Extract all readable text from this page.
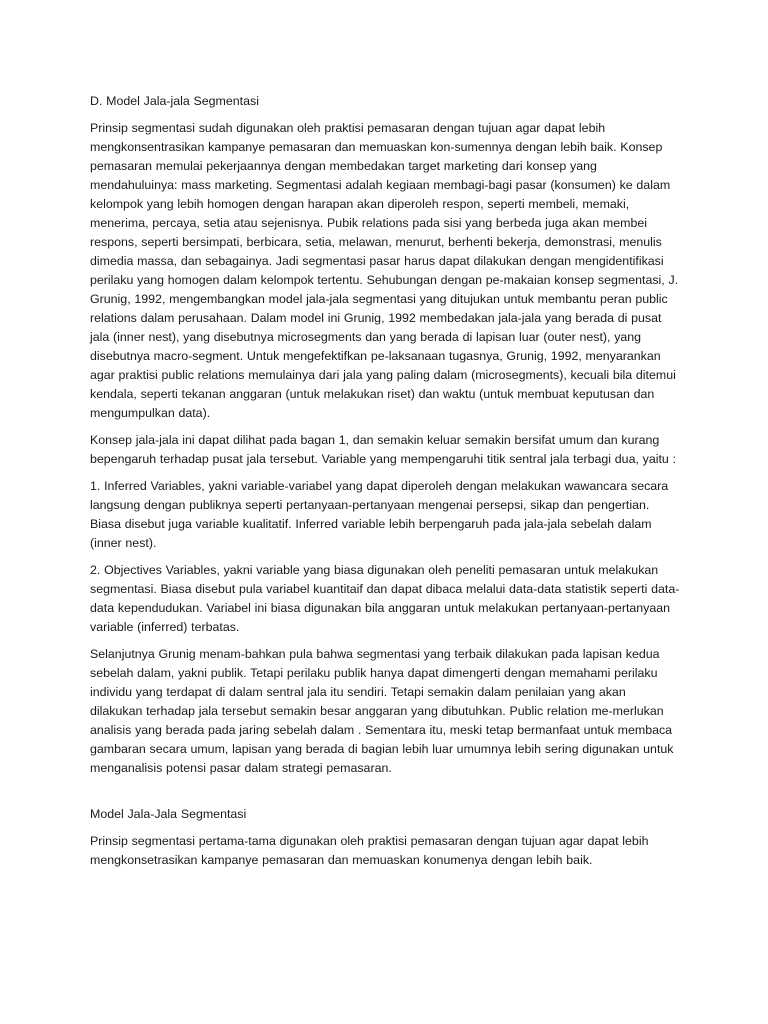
D. Model Jala-jala Segmentasi

Prinsip segmentasi sudah digunakan oleh praktisi pemasaran dengan tujuan agar dapat lebih mengkonsentrasikan kampanye pemasaran dan memuaskan kon-sumennya dengan lebih baik. Konsep pemasaran memulai pekerjaannya dengan membedakan target marketing dari konsep yang mendahuluinya: mass marketing. Segmentasi adalah kegiaan membagi-bagi pasar (konsumen) ke dalam kelompok yang lebih homogen dengan harapan akan diperoleh respon, seperti membeli, memaki, menerima, percaya, setia atau sejenisnya. Pubik relations pada sisi yang berbeda juga akan membei respons, seperti bersimpati, berbicara, setia, melawan, menurut, berhenti bekerja, demonstrasi, menulis dimedia massa, dan sebagainya. Jadi segmentasi pasar harus dapat dilakukan dengan mengidentifikasi perilaku yang homogen dalam kelompok tertentu. Sehubungan dengan pe-makaian konsep segmentasi, J. Grunig, 1992, mengembangkan model jala-jala segmentasi yang ditujukan untuk membantu peran public relations dalam perusahaan. Dalam model ini Grunig, 1992 membedakan jala-jala yang berada di pusat jala (inner nest), yang disebutnya microsegments dan yang berada di lapisan luar (outer nest), yang disebutnya macro-segment. Untuk mengefektifkan pe-laksanaan tugasnya, Grunig, 1992, menyarankan agar praktisi public relations memulainya dari jala yang paling dalam (microsegments), kecuali bila ditemui kendala, seperti tekanan anggaran (untuk melakukan riset) dan waktu (untuk membuat keputusan dan mengumpulkan data).

Konsep jala-jala ini dapat dilihat pada bagan 1, dan semakin keluar semakin bersifat umum dan kurang bepengaruh terhadap pusat jala tersebut. Variable yang mempengaruhi titik sentral jala terbagi dua, yaitu :

1. Inferred Variables, yakni variable-variabel yang dapat diperoleh dengan melakukan wawancara secara langsung dengan publiknya seperti pertanyaan-pertanyaan mengenai persepsi, sikap dan pengertian. Biasa disebut juga variable kualitatif. Inferred variable lebih berpengaruh pada jala-jala sebelah dalam (inner nest).

2. Objectives Variables, yakni variable yang biasa digunakan oleh peneliti pemasaran untuk melakukan segmentasi. Biasa disebut pula variabel kuantitaif dan dapat dibaca melalui data-data statistik seperti data-data kependudukan. Variabel ini biasa digunakan bila anggaran untuk melakukan pertanyaan-pertanyaan variable (inferred) terbatas.

Selanjutnya Grunig menam-bahkan pula bahwa segmentasi yang terbaik dilakukan pada lapisan kedua sebelah dalam, yakni publik. Tetapi perilaku publik hanya dapat dimengerti dengan memahami perilaku individu yang terdapat di dalam sentral jala itu sendiri. Tetapi semakin dalam penilaian yang akan dilakukan terhadap jala tersebut semakin besar anggaran yang dibutuhkan. Public relation me-merlukan analisis yang berada pada jaring sebelah dalam . Sementara itu, meski tetap bermanfaat untuk membaca gambaran secara umum, lapisan yang berada di bagian lebih luar umumnya lebih sering digunakan untuk menganalisis potensi pasar dalam strategi pemasaran.

Model Jala-Jala Segmentasi

Prinsip segmentasi pertama-tama digunakan oleh praktisi pemasaran dengan tujuan agar dapat lebih mengkonsetrasikan kampanye pemasaran dan memuaskan konumenya dengan lebih baik.
